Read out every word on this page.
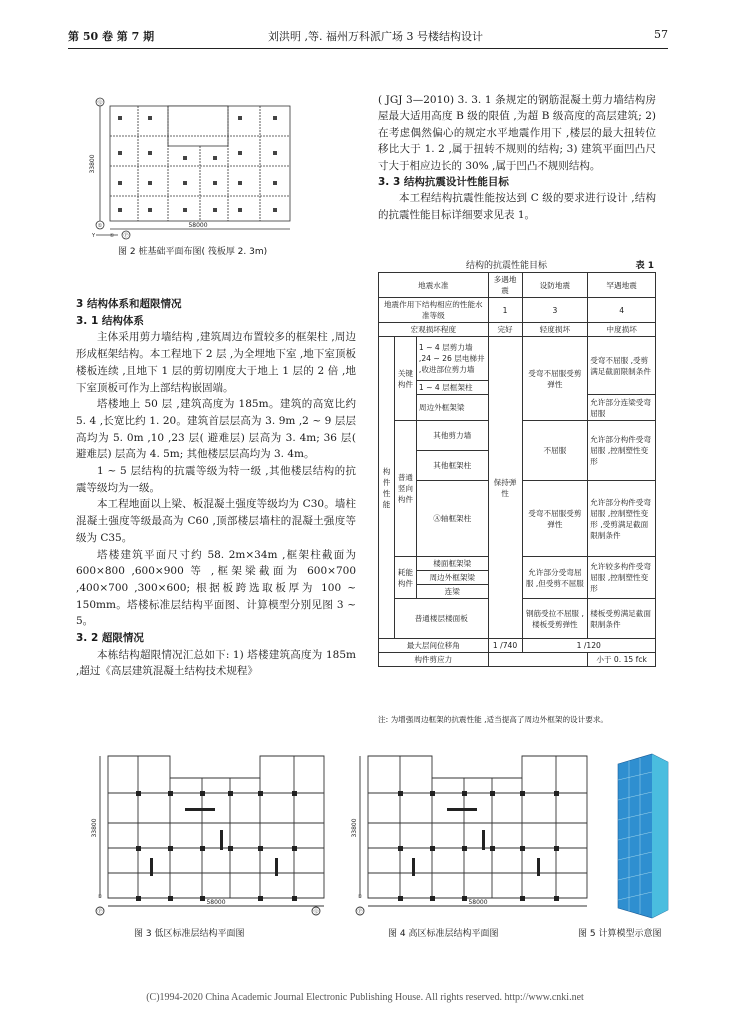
第 50 卷 第 7 期	刘洪明 ,等. 福州万科派广场 3 号楼结构设计	57
58000
33800
Ⓠ
①
Y	① Ⓟ
图 2 桩基础平面布图( 筏板厚 2. 3m)
3 结构体系和超限情况
3. 1 结构体系

主体采用剪力墙结构 ,建筑周边布置较多的框架柱 ,周边形成框架结构。本工程地下 2 层 ,为全埋地下室 ,地下室顶板楼板连续 ,且地下 1 层的剪切刚度大于地上 1 层的 2 倍 ,地下室顶板可作为上部结构嵌固端。

塔楼地上 50 层 ,建筑高度为 185m。建筑的高宽比约 5. 4 ,长宽比约 1. 20。建筑首层层高为 3. 9m ,2 ~ 9 层层高均为 5. 0m ,10 ,23 层( 避难层) 层高为 3. 4m; 36 层( 避难层) 层高为 4. 5m; 其他楼层层高均为 3. 4m。

1 ~ 5 层结构的抗震等级为特一级 ,其他楼层结构的抗震等级均为一级。

本工程地面以上梁、板混凝土强度等级均为 C30。墙柱混凝土强度等级最高为 C60 ,顶部楼层墙柱的混凝土强度等级为 C35。

塔楼建筑平面尺寸约 58. 2m×34m ,框架柱截面为 600×800 ,600×900 等 ,框架梁截面为 600×700 ,400×700 ,300×600; 根据板跨选取板厚为 100 ~ 150mm。塔楼标准层结构平面图、计算模型分别见图 3 ~ 5。

3. 2 超限情况

本栋结构超限情况汇总如下: 1) 塔楼建筑高度为 185m ,超过《高层建筑混凝土结构技术规程》

( JGJ 3—2010) 3. 3. 1 条规定的钢筋混凝土剪力墙结构房屋最大适用高度 B 级的限值 ,为超 B 级高度的高层建筑; 2) 在考虑偶然偏心的规定水平地震作用下 ,楼层的最大扭转位移比大于 1. 2 ,属于扭转不规则的结构; 3) 建筑平面凹凸尺寸大于相应边长的 30% ,属于凹凸不规则结构。

3. 3 结构抗震设计性能目标

本工程结构抗震性能按达到 C 级的要求进行设计 ,结构的抗震性能目标详细要求见表 1。

结构的抗震性能目标	表 1
地震水准			多遇地震	设防地震	罕遇地震
地震作用下结构相应的性能水准等级			1	3	4
宏观损坏程度			完好	轻度损坏	中度损坏
构件性能	关键构件	1 ~ 4 层剪力墙 ,24 ~ 26 层电梯井 ,收进部位剪力墙	保持弹性	受弯不屈服受剪弹性	受弯不屈服 ,受剪满足截面限制条件
		1 ~ 4 层框架柱			
		周边外框架梁			允许部分连梁受弯屈服

	普通竖向构件	其他剪力墙		不屈服	允许部分构件受弯屈服 ,控制塑性变形
		其他框架柱			
		Ⓐ轴框架柱		受弯不屈服受剪弹性	允许部分构件受弯屈服 ,控制塑性变形 ,受剪满足截面限制条件
	耗能构件	楼面框架梁		允许部分受弯屈服 ,但受剪不屈服	允许较多构件受弯屈服 ,控制塑性变形
		周边外框架梁			
		连梁			
	普通楼层楼面板			钢筋受拉不屈服 ,楼板受剪弹性	楼板受剪满足截面限制条件
最大层间位移角			1 /740	1 /120	
构件剪应力					小于 0. 15 fck
注: 为增强周边框架的抗震性能 ,适当提高了周边外框架的设计要求。
58000
33800
Ⓟ	Ⓠ
①
图 3 低区标准层结构平面图
58000
33800
Ⓟ
①
图 4 高区标准层结构平面图	图 5 计算模型示意图
(C)1994-2020 China Academic Journal Electronic Publishing House. All rights reserved. http://www.cnki.net
